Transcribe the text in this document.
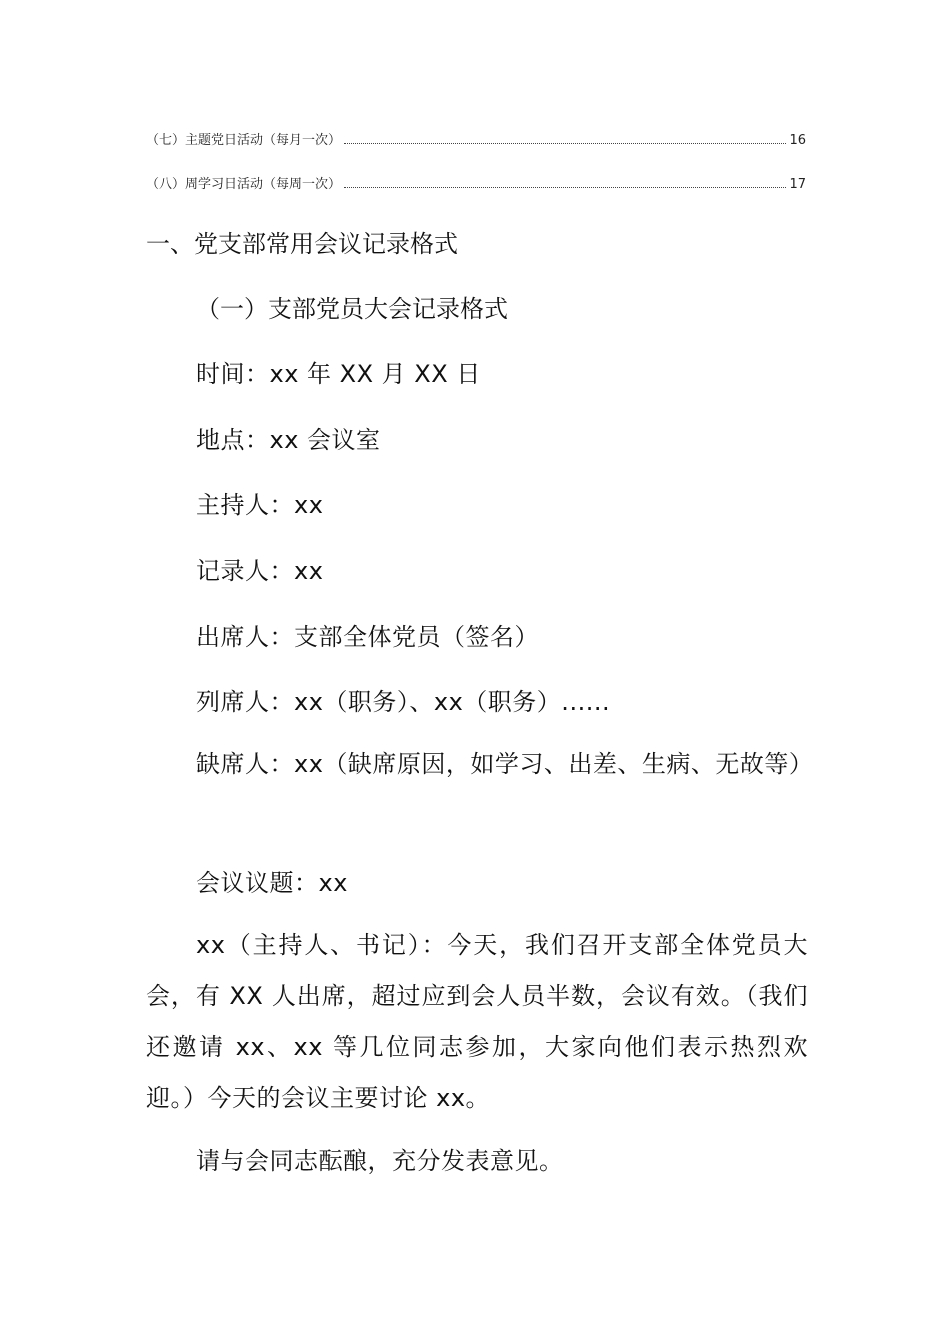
（七）主题党日活动（每月一次）	16
（八）周学习日活动（每周一次）	17
一、党支部常用会议记录格式
（一）支部党员大会记录格式
时间：xx 年 XX 月 XX 日
地点：xx 会议室
主持人：xx
记录人：xx
出席人：支部全体党员（签名）
列席人：xx（职务）、xx（职务）......
缺席人：xx（缺席原因，如学习、出差、生病、无故等）
会议议题：xx
xx（主持人、书记）：今天，我们召开支部全体党员大会，有 XX 人出席，超过应到会人员半数，会议有效。（我们还邀请 xx、xx 等几位同志参加，大家向他们表示热烈欢迎。）今天的会议主要讨论 xx。
请与会同志酝酿，充分发表意见。
